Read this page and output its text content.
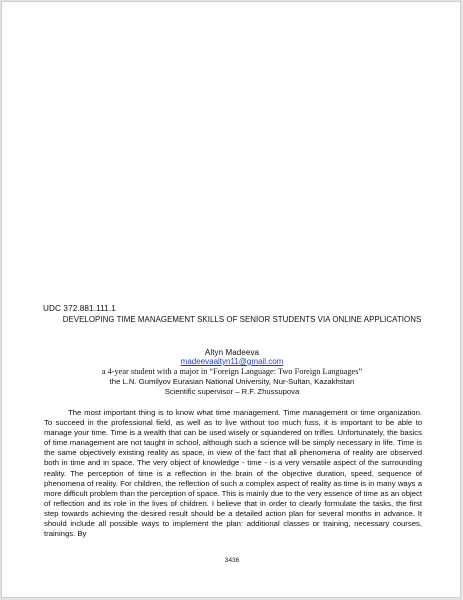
UDC 372.881.111.1
DEVELOPING TIME MANAGEMENT SKILLS OF SENIOR STUDENTS VIA ONLINE APPLICATIONS
Altyn Madeeva
madeevaaltyn11@gmail.com
a 4-year student with a major in “Foreign Language: Two Foreign Languages”
the L.N. Gumilyov Eurasian National University, Nur-Sultan, Kazakhstan
Scientific supervisor – R.F. Zhussupova
The most important thing is to know what time management. Time management or time organization. To succeed in the professional field, as well as to live without too much fuss, it is important to be able to manage your time. Time is a wealth that can be used wisely or squandered on trifles. Unfortunately, the basics of time management are not taught in school, although such a science will be simply necessary in life. Time is the same objectively existing reality as space, in view of the fact that all phenomena of reality are observed both in time and in space. The very object of knowledge - time - is a very versatile aspect of the surrounding reality. The perception of time is a reflection in the brain of the objective duration, speed, sequence of phenomena of reality. For children, the reflection of such a complex aspect of reality as time is in many ways a more difficult problem than the perception of space. This is mainly due to the very essence of time as an object of reflection and its role in the lives of children. I believe that in order to clearly formulate the tasks, the first step towards achieving the desired result should be a detailed action plan for several months in advance. It should include all possible ways to implement the plan: additional classes or training, necessary courses, trainings. By
3436
